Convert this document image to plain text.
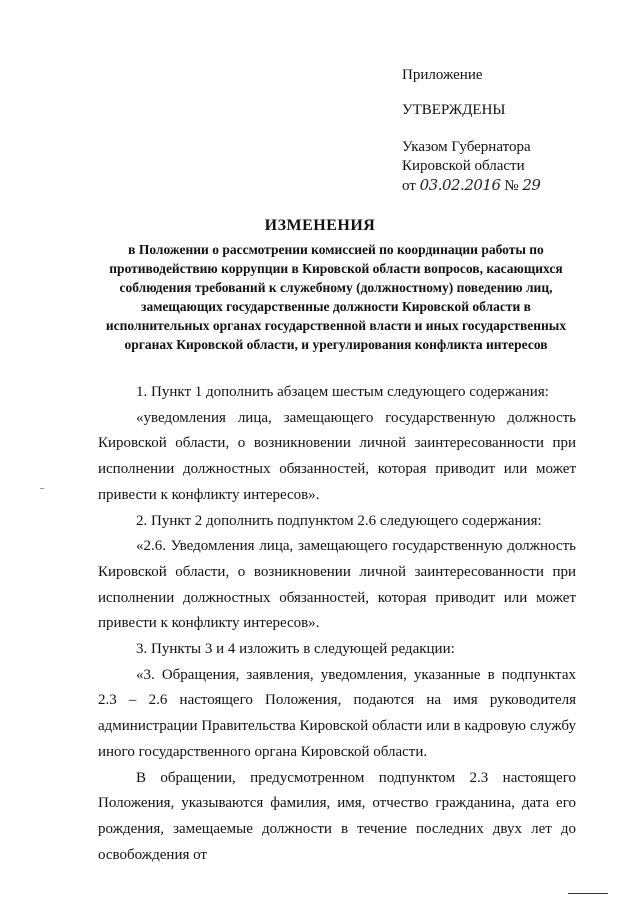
Приложение
УТВЕРЖДЕНЫ
Указом Губернатора
Кировской области
от 03.02.2016 № 29
ИЗМЕНЕНИЯ
в Положении о рассмотрении комиссией по координации работы по противодействию коррупции в Кировской области вопросов, касающихся соблюдения требований к служебному (должностному) поведению лиц, замещающих государственные должности Кировской области в исполнительных органах государственной власти и иных государственных органах Кировской области, и урегулирования конфликта интересов

1. Пункт 1 дополнить абзацем шестым следующего содержания:

«уведомления лица, замещающего государственную должность Кировской области, о возникновении личной заинтересованности при исполнении должностных обязанностей, которая приводит или может привести к конфликту интересов».

2. Пункт 2 дополнить подпунктом 2.6 следующего содержания:

«2.6. Уведомления лица, замещающего государственную должность Кировской области, о возникновении личной заинтересованности при исполнении должностных обязанностей, которая приводит или может привести к конфликту интересов».

3. Пункты 3 и 4 изложить в следующей редакции:

«3. Обращения, заявления, уведомления, указанные в подпунктах 2.3 – 2.6 настоящего Положения, подаются на имя руководителя администрации Правительства Кировской области или в кадровую службу иного государственного органа Кировской области.

В обращении, предусмотренном подпунктом 2.3 настоящего Положения, указываются фамилия, имя, отчество гражданина, дата его рождения, замещаемые должности в течение последних двух лет до освобождения от
